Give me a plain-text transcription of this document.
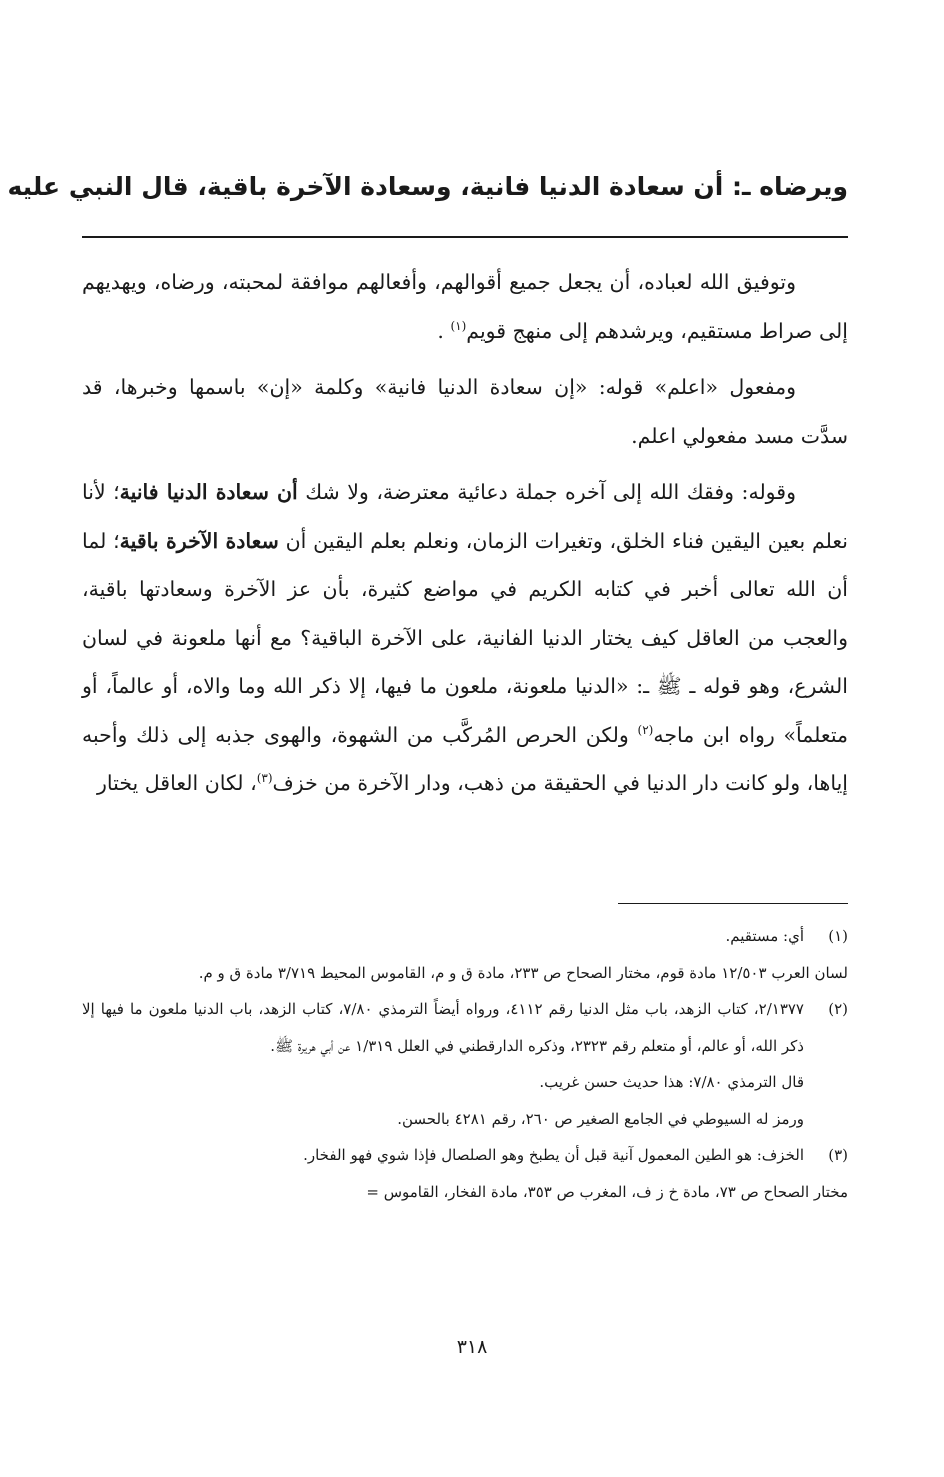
ويرضاه ـ: أن سعادة الدنيا فانية، وسعادة الآخرة باقية، قال النبي عليه

وتوفيق الله لعباده، أن يجعل جميع أقوالهم، وأفعالهم موافقة لمحبته، ورضاه، ويهديهم إلى صراط مستقيم، ويرشدهم إلى منهج قويم$^{(١)}$ .

ومفعول «اعلم» قوله: «إن سعادة الدنيا فانية» وكلمة «إن» باسمها وخبرها، قد سدَّت مسد مفعولي اعلم.

وقوله: وفقك الله إلى آخره جملة دعائية معترضة، ولا شك أن سعادة الدنيا فانية؛ لأنا نعلم بعين اليقين فناء الخلق، وتغيرات الزمان، ونعلم بعلم اليقين أن سعادة الآخرة باقية؛ لما أن الله تعالى أخبر في كتابه الكريم في مواضع كثيرة، بأن عز الآخرة وسعادتها باقية، والعجب من العاقل كيف يختار الدنيا الفانية، على الآخرة الباقية؟ مع أنها ملعونة في لسان الشرع، وهو قوله ـ ﷺ ـ: «الدنيا ملعونة، ملعون ما فيها، إلا ذكر الله وما والاه، أو عالماً، أو متعلماً» رواه ابن ماجه$^{(٢)}$ ولكن الحرص المُركَّب من الشهوة، والهوى جذبه إلى ذلك وأحبه إياها، ولو كانت دار الدنيا في الحقيقة من ذهب، ودار الآخرة من خزف$^{(٣)}$، لكان العاقل يختار

(١)
أي: مستقيم.
لسان العرب ١٢/٥٠٣ مادة قوم، مختار الصحاح ص ٢٣٣، مادة ق و م، القاموس المحيط ٣/٧١٩ مادة ق و م.
(٢)
٢/١٣٧٧، كتاب الزهد، باب مثل الدنيا رقم ٤١١٢، ورواه أيضاً الترمذي ٧/٨٠، كتاب الزهد، باب الدنيا ملعون ما فيها إلا ذكر الله، أو عالم، أو متعلم رقم ٢٣٢٣، وذكره الدارقطني في العلل ١/٣١٩ عن أبي هريرة ﷺ.
قال الترمذي ٧/٨٠: هذا حديث حسن غريب.
ورمز له السيوطي في الجامع الصغير ص ٢٦٠، رقم ٤٢٨١ بالحسن.
(٣)
الخزف: هو الطين المعمول آنية قبل أن يطبخ وهو الصلصال فإذا شوي فهو الفخار.
مختار الصحاح ص ٧٣، مادة خ ز ف، المغرب ص ٣٥٣، مادة الفخار، القاموس =
٣١٨
